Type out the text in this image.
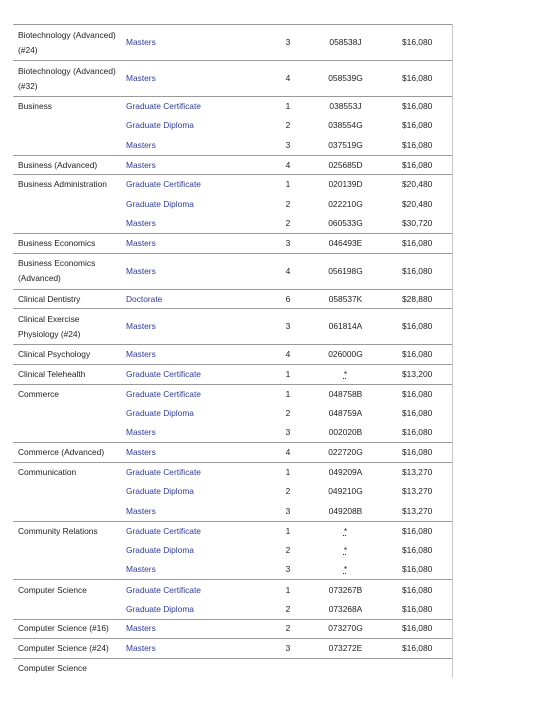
Biotechnology (Advanced) (#24)	Masters	3	058538J	$16,080
Biotechnology (Advanced) (#32)	Masters	4	058539G	$16,080
Business	Graduate Certificate	1	038553J	$16,080
	Graduate Diploma	2	038554G	$16,080
	Masters	3	037519G	$16,080
Business (Advanced)	Masters	4	025685D	$16,080
Business Administration	Graduate Certificate	1	020139D	$20,480
	Graduate Diploma	2	022210G	$20,480
	Masters	2	060533G	$30,720
Business Economics	Masters	3	046493E	$16,080
Business Economics (Advanced)	Masters	4	056198G	$16,080
Clinical Dentistry	Doctorate	6	058537K	$28,880
Clinical Exercise Physiology (#24)	Masters	3	061814A	$16,080
Clinical Psychology	Masters	4	026000G	$16,080
Clinical Telehealth	Graduate Certificate	1	*	$13,200
Commerce	Graduate Certificate	1	048758B	$16,080
	Graduate Diploma	2	048759A	$16,080
	Masters	3	002020B	$16,080
Commerce (Advanced)	Masters	4	022720G	$16,080
Communication	Graduate Certificate	1	049209A	$13,270
	Graduate Diploma	2	049210G	$13,270
	Masters	3	049208B	$13,270
Community Relations	Graduate Certificate	1	*	$16,080
	Graduate Diploma	2	*	$16,080
	Masters	3	*	$16,080
Computer Science	Graduate Certificate	1	073267B	$16,080
	Graduate Diploma	2	073268A	$16,080
Computer Science (#16)	Masters	2	073270G	$16,080
Computer Science (#24)	Masters	3	073272E	$16,080
Computer Science				
